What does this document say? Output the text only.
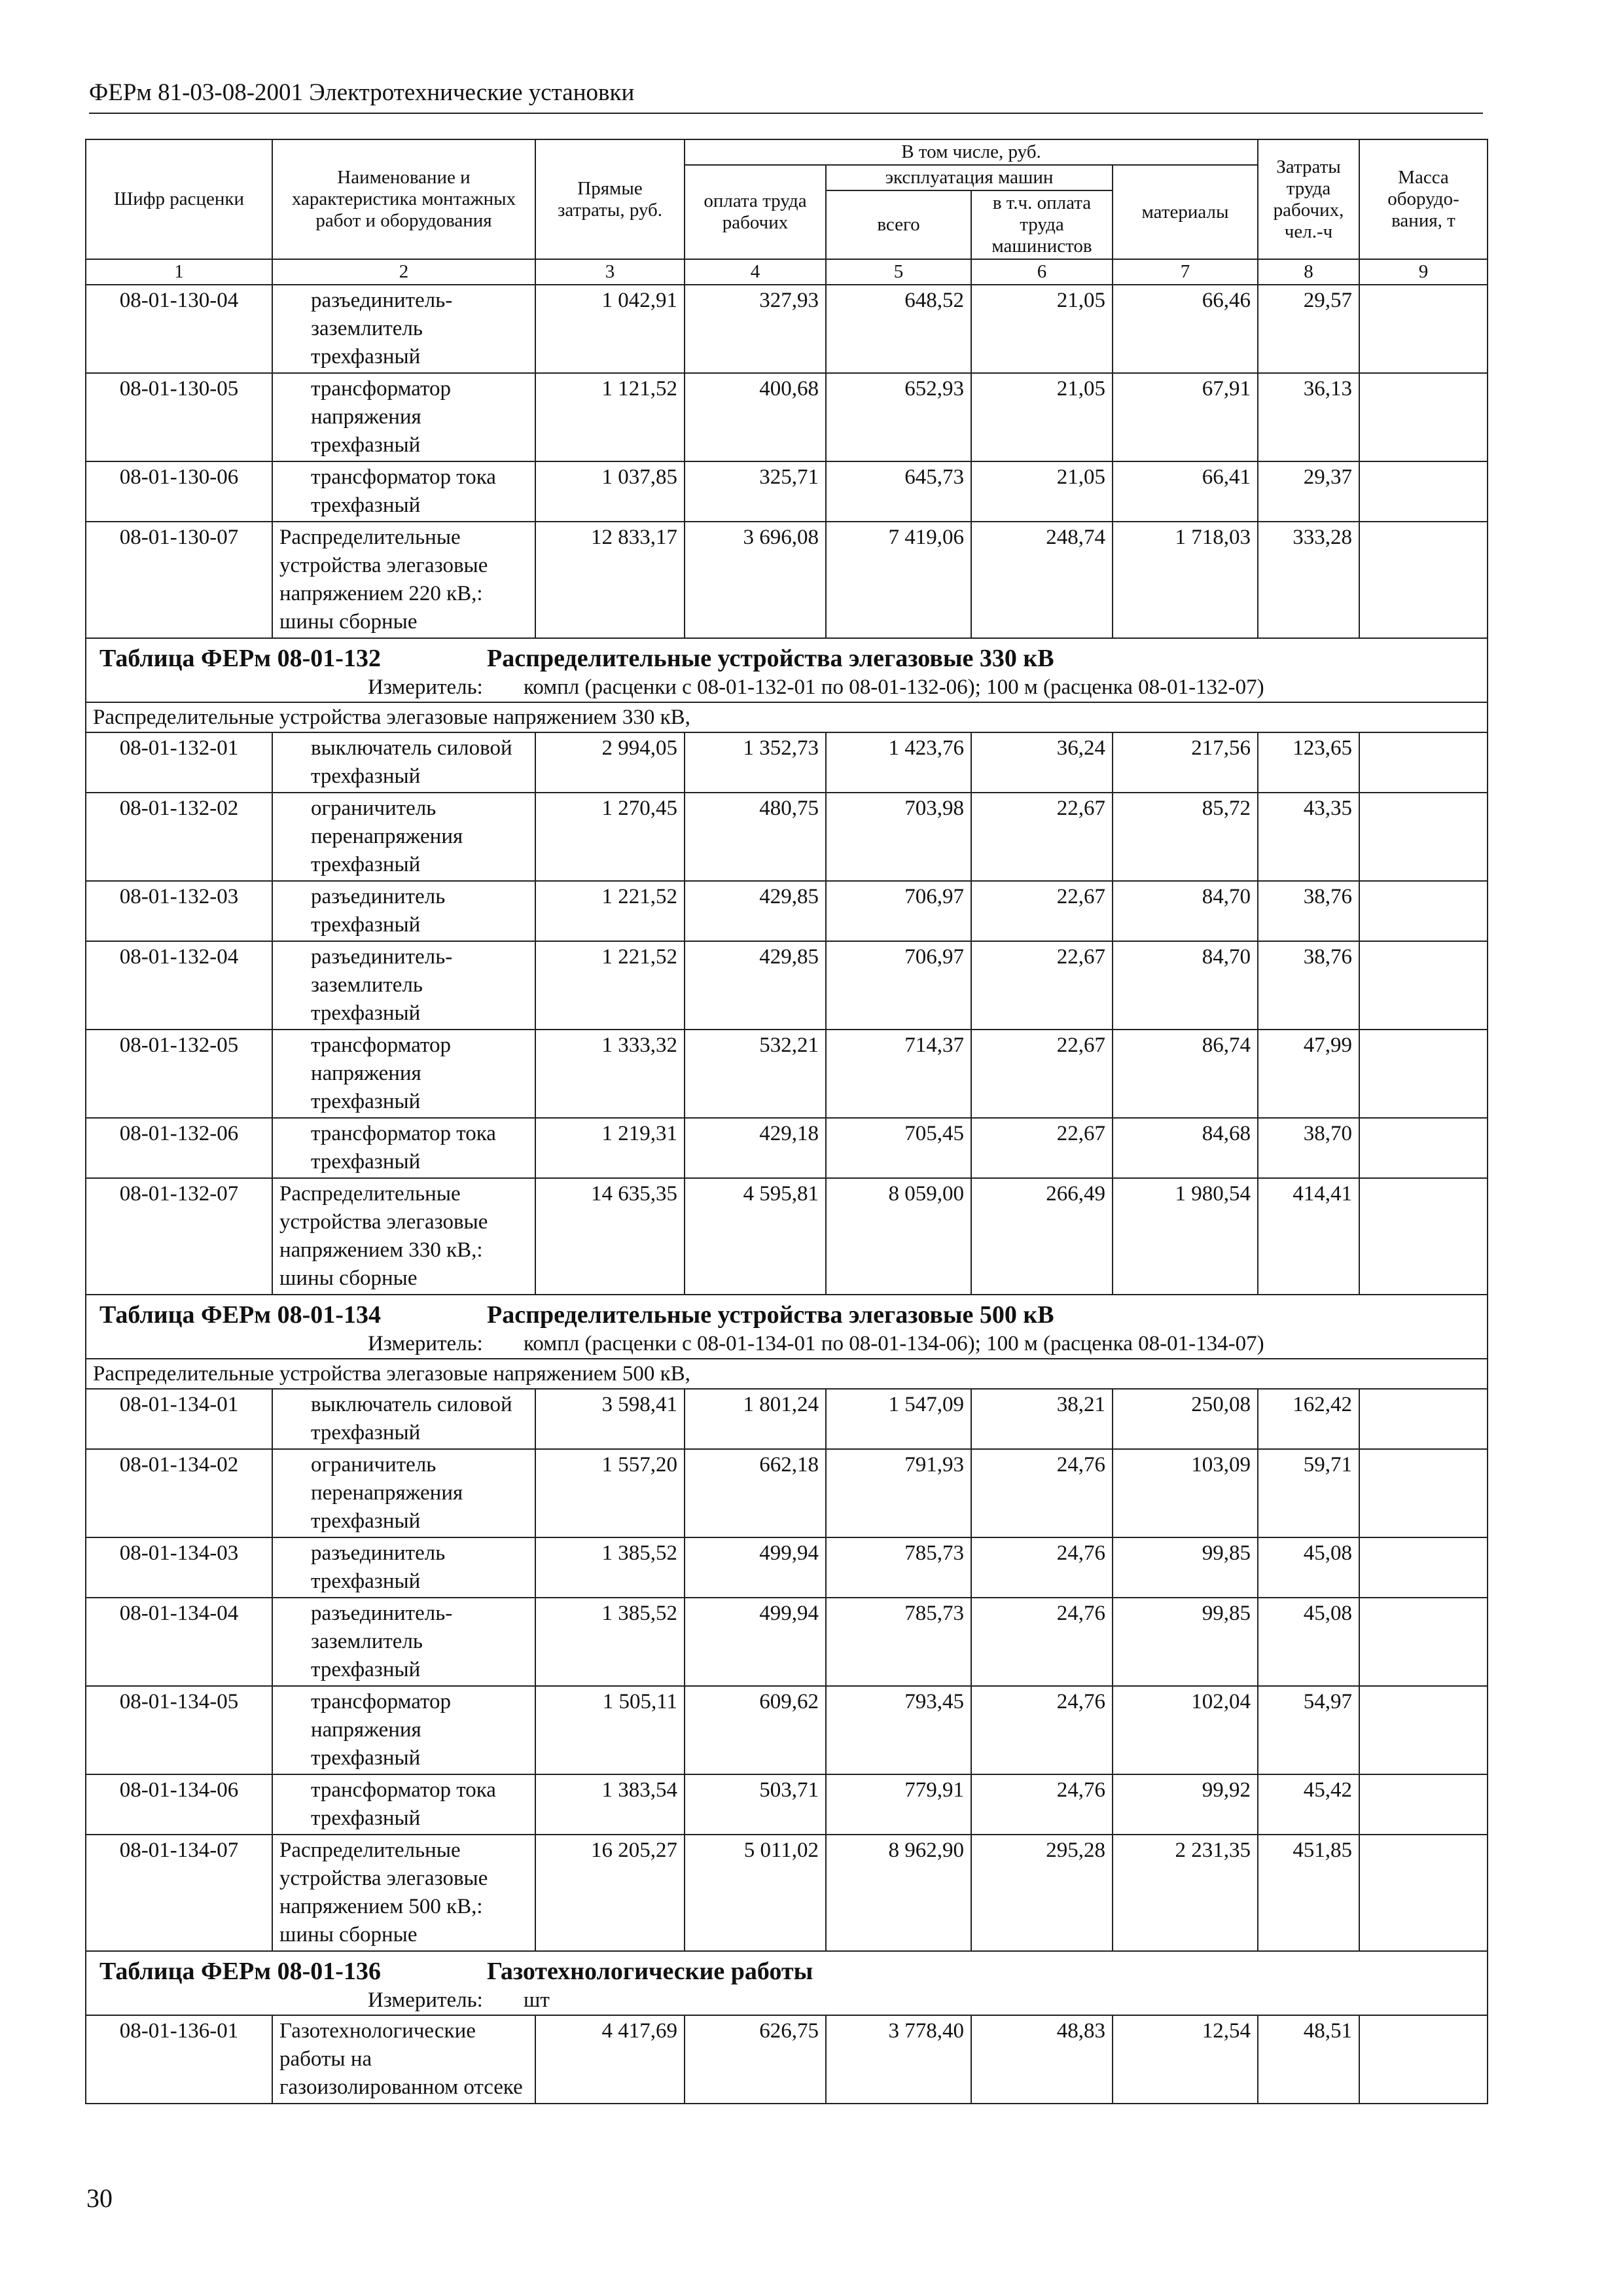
ФЕРм 81-03-08-2001 Электротехнические установки
Шифр расценки	Наименование и характеристика монтажных работ и оборудования	Прямые затраты, руб.	В том числе, руб.				Затраты труда рабочих, чел.-ч	Масса оборудо-вания, т
			оплата труда рабочих	эксплуатация машин		материалы		
				всего	в т.ч. оплата труда машинистов			
1	2	3	4	5	6	7	8	9
08-01-130-04	разъединитель-заземлитель трехфазный	1 042,91	327,93	648,52	21,05	66,46	29,57	
08-01-130-05	трансформатор напряжения трехфазный	1 121,52	400,68	652,93	21,05	67,91	36,13	
08-01-130-06	трансформатор тока трехфазный	1 037,85	325,71	645,73	21,05	66,41	29,37	
08-01-130-07	Распределительные устройства элегазовые напряжением 220 кВ,: шины сборные	12 833,17	3 696,08	7 419,06	248,74	1 718,03	333,28	

Таблица ФЕРм 08-01-132 Распределительные устройства элегазовые 330 кВ
Измеритель: компл (расценки с 08-01-132-01 по 08-01-132-06); 100 м (расценка 08-01-132-07)								

Распределительные устройства элегазовые напряжением 330 кВ,								
08-01-132-01	выключатель силовой трехфазный	2 994,05	1 352,73	1 423,76	36,24	217,56	123,65	
08-01-132-02	ограничитель перенапряжения трехфазный	1 270,45	480,75	703,98	22,67	85,72	43,35	
08-01-132-03	разъединитель трехфазный	1 221,52	429,85	706,97	22,67	84,70	38,76	
08-01-132-04	разъединитель-заземлитель трехфазный	1 221,52	429,85	706,97	22,67	84,70	38,76	
08-01-132-05	трансформатор напряжения трехфазный	1 333,32	532,21	714,37	22,67	86,74	47,99	
08-01-132-06	трансформатор тока трехфазный	1 219,31	429,18	705,45	22,67	84,68	38,70	
08-01-132-07	Распределительные устройства элегазовые напряжением 330 кВ,: шины сборные	14 635,35	4 595,81	8 059,00	266,49	1 980,54	414,41	

Таблица ФЕРм 08-01-134 Распределительные устройства элегазовые 500 кВ
Измеритель: компл (расценки с 08-01-134-01 по 08-01-134-06); 100 м (расценка 08-01-134-07)								

Распределительные устройства элегазовые напряжением 500 кВ,								
08-01-134-01	выключатель силовой трехфазный	3 598,41	1 801,24	1 547,09	38,21	250,08	162,42	
08-01-134-02	ограничитель перенапряжения трехфазный	1 557,20	662,18	791,93	24,76	103,09	59,71	
08-01-134-03	разъединитель трехфазный	1 385,52	499,94	785,73	24,76	99,85	45,08	
08-01-134-04	разъединитель-заземлитель трехфазный	1 385,52	499,94	785,73	24,76	99,85	45,08	
08-01-134-05	трансформатор напряжения трехфазный	1 505,11	609,62	793,45	24,76	102,04	54,97	
08-01-134-06	трансформатор тока трехфазный	1 383,54	503,71	779,91	24,76	99,92	45,42	
08-01-134-07	Распределительные устройства элегазовые напряжением 500 кВ,: шины сборные	16 205,27	5 011,02	8 962,90	295,28	2 231,35	451,85	

Таблица ФЕРм 08-01-136 Газотехнологические работы
Измеритель: шт								

08-01-136-01	Газотехнологические работы на газоизолированном отсеке	4 417,69	626,75	3 778,40	48,83	12,54	48,51	
30
